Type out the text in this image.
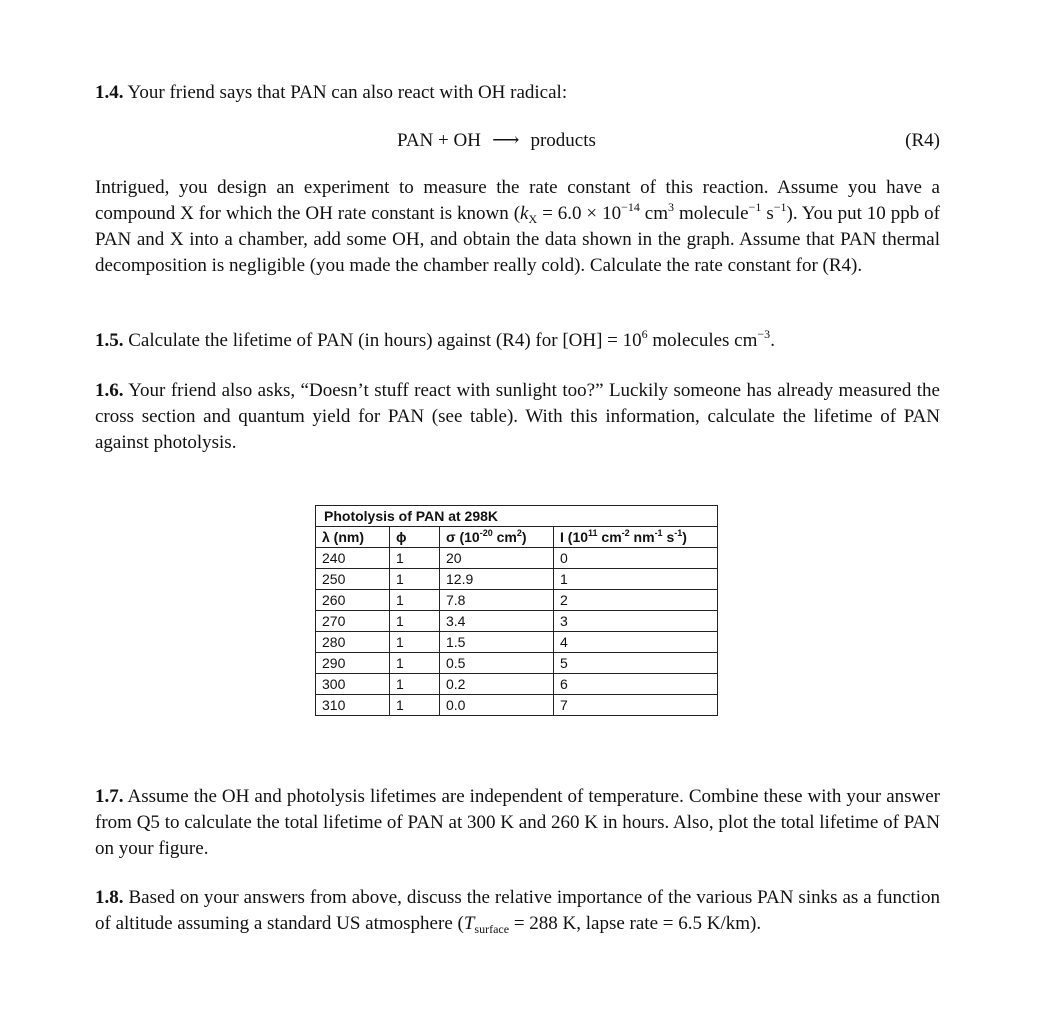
1.4. Your friend says that PAN can also react with OH radical:
PAN + OH ⟶ products	(R4)
Intrigued, you design an experiment to measure the rate constant of this reaction. Assume you have a compound X for which the OH rate constant is known ($k_X = 6.0 \times 10^{-14}$ $cm^3$ molecule$^{-1}$ $s^{-1}$). You put 10 ppb of PAN and X into a chamber, add some OH, and obtain the data shown in the graph. Assume that PAN thermal decomposition is negligible (you made the chamber really cold). Calculate the rate constant for (R4).
1.5. Calculate the lifetime of PAN (in hours) against (R4) for $[OH] = 10^6$ molecules $cm^{-3}$.
1.6. Your friend also asks, “Doesn’t stuff react with sunlight too?” Luckily someone has already measured the cross section and quantum yield for PAN (see table). With this information, calculate the lifetime of PAN against photolysis.
Photolysis of PAN at 298K			
λ (nm)	ϕ	σ ($10^{-20}$ $cm^2$)	I ($10^{11}$ $cm^{-2}$ $nm^{-1}$ $s^{-1}$)
240	1	20	0
250	1	12.9	1
260	1	7.8	2
270	1	3.4	3
280	1	1.5	4
290	1	0.5	5
300	1	0.2	6
310	1	0.0	7
1.7. Assume the OH and photolysis lifetimes are independent of temperature. Combine these with your answer from Q5 to calculate the total lifetime of PAN at 300 K and 260 K in hours. Also, plot the total lifetime of PAN on your figure.
1.8. Based on your answers from above, discuss the relative importance of the various PAN sinks as a function of altitude assuming a standard US atmosphere ($T_{surface} = 288$ K, lapse rate = 6.5 K/km).
